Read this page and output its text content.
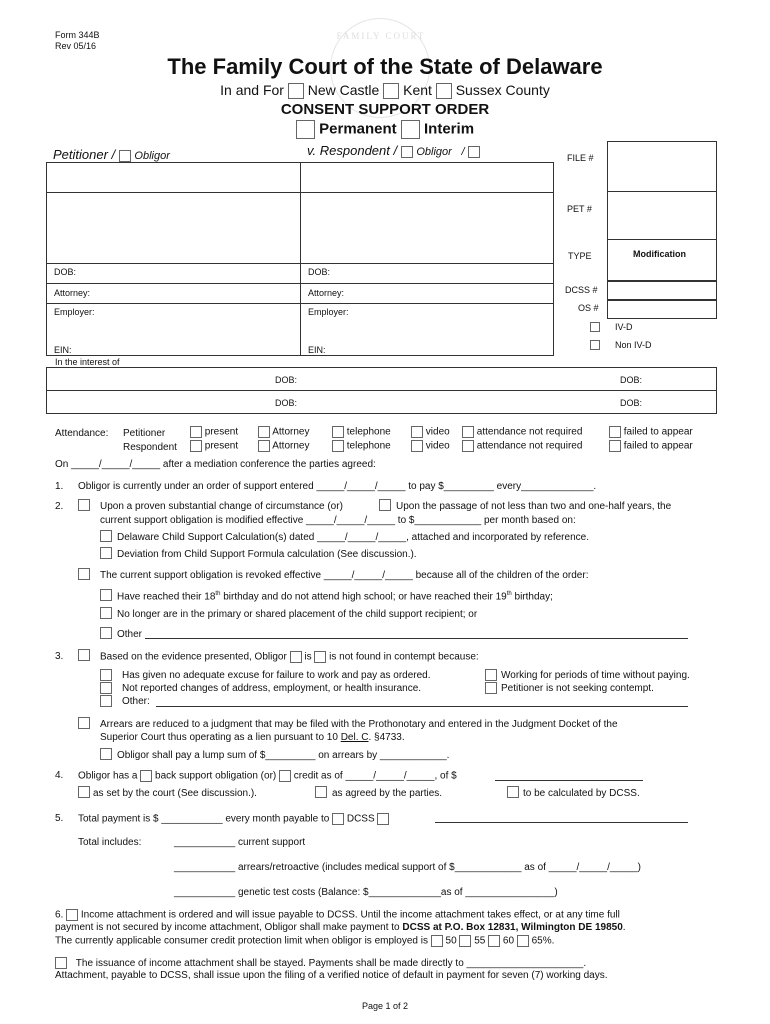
Form 344B
Rev 05/16
FAMILY COURT
The Family Court of the State of Delaware
In and For New Castle Kent Sussex County
CONSENT SUPPORT ORDER
Permanent Interim
Petitioner / Obligor	v. Respondent / Obligor /
DOB:	DOB:
Attorney:	Attorney:
Employer:	Employer:
EIN:	EIN:
FILE #
PET #
TYPE	Modification
DCSS #
OS #
IV-D
Non IV-D
In the interest of
DOB:	DOB:
DOB:	DOB:
Attendance: Petitioner
Respondent
present	Attorney	telephone	video	attendance not required	failed to appear
present	Attorney	telephone	video	attendance not required	failed to appear
On _____/_____/_____ after a mediation conference the parties agreed:
1. Obligor is currently under an order of support entered _____/_____/_____ to pay $_________ every_____________.
2.	Upon a proven substantial change of circumstance (or)	Upon the passage of not less than two and one-half years, the
current support obligation is modified effective _____/_____/_____ to $____________ per month based on:
Delaware Child Support Calculation(s) dated _____/_____/_____, attached and incorporated by reference.
Deviation from Child Support Formula calculation (See discussion.).
The current support obligation is revoked effective _____/_____/_____ because all of the children of the order:
Have reached their 18th birthday and do not attend high school; or have reached their 19th birthday;
No longer are in the primary or shared placement of the child support recipient; or
Other
3.	Based on the evidence presented, Obligor is is not found in contempt because:
Has given no adequate excuse for failure to work and pay as ordered.	Working for periods of time without paying.
Not reported changes of address, employment, or health insurance.	Petitioner is not seeking contempt.
Other:
Arrears are reduced to a judgment that may be filed with the Prothonotary and entered in the Judgment Docket of the
Superior Court thus operating as a lien pursuant to 10 Del. C. §4733.
Obligor shall pay a lump sum of $_________ on arrears by ____________.
4. Obligor has a back support obligation (or) credit as of _____/_____/_____, of $
as set by the court (See discussion.).	as agreed by the parties.	to be calculated by DCSS.
5. Total payment is $ ___________ every month payable to DCSS
Total includes:	___________ current support
___________ arrears/retroactive (includes medical support of $____________ as of _____/_____/_____)
___________ genetic test costs (Balance: $_____________as of ________________)
6. Income attachment is ordered and will issue payable to DCSS. Until the income attachment takes effect, or at any time full
payment is not secured by income attachment, Obligor shall make payment to DCSS at P.O. Box 12831, Wilmington DE 19850.
The currently applicable consumer credit protection limit when obligor is employed is 50 55 60 65%.
The issuance of income attachment shall be stayed. Payments shall be made directly to _____________________.
Attachment, payable to DCSS, shall issue upon the filing of a verified notice of default in payment for seven (7) working days.
Page 1 of 2
